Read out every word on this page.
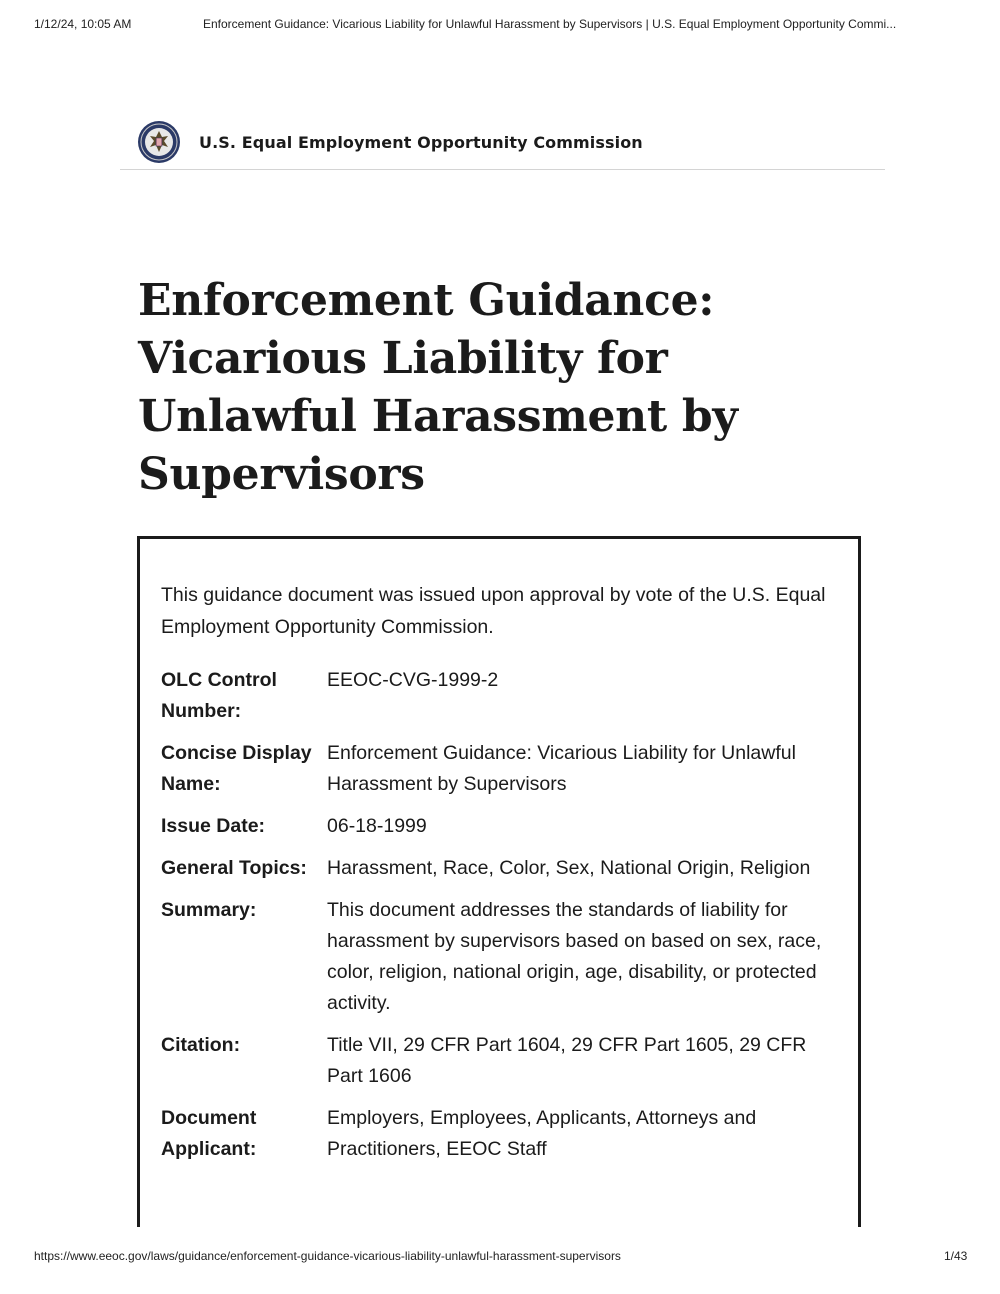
1/12/24, 10:05 AM	Enforcement Guidance: Vicarious Liability for Unlawful Harassment by Supervisors | U.S. Equal Employment Opportunity Commi...
U.S. Equal Employment Opportunity Commission
Enforcement Guidance: Vicarious Liability for Unlawful Harassment by Supervisors

This guidance document was issued upon approval by vote of the U.S. Equal Employment Opportunity Commission.

OLC Control Number:	EEOC-CVG-1999-2
Concise Display Name:	Enforcement Guidance: Vicarious Liability for Unlawful Harassment by Supervisors
Issue Date:	06-18-1999
General Topics:	Harassment, Race, Color, Sex, National Origin, Religion
Summary:	This document addresses the standards of liability for harassment by supervisors based on based on sex, race, color, religion, national origin, age, disability, or protected activity.
Citation:	Title VII, 29 CFR Part 1604, 29 CFR Part 1605, 29 CFR Part 1606
Document Applicant:	Employers, Employees, Applicants, Attorneys and Practitioners, EEOC Staff
https://www.eeoc.gov/laws/guidance/enforcement-guidance-vicarious-liability-unlawful-harassment-supervisors	1/43
